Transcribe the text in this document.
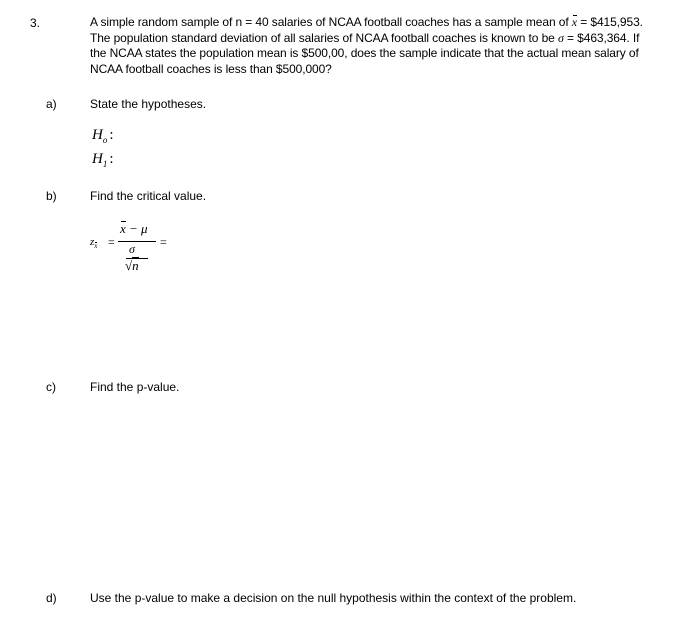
3.	A simple random sample of n = 40 salaries of NCAA football coaches has a sample mean of x = $415,953.
The population standard deviation of all salaries of NCAA football coaches is known to be σ = $463,364. If
the NCAA states the population mean is $500,00, does the sample indicate that the actual mean salary of
NCAA football coaches is less than $500,000?
a)	State the hypotheses.
$H_o$ :
$H_1$ :
b)	Find the critical value.
$z_x$ =
x − μ
σ
√n
=
c)	Find the p-value.
d)	Use the p-value to make a decision on the null hypothesis within the context of the problem.
